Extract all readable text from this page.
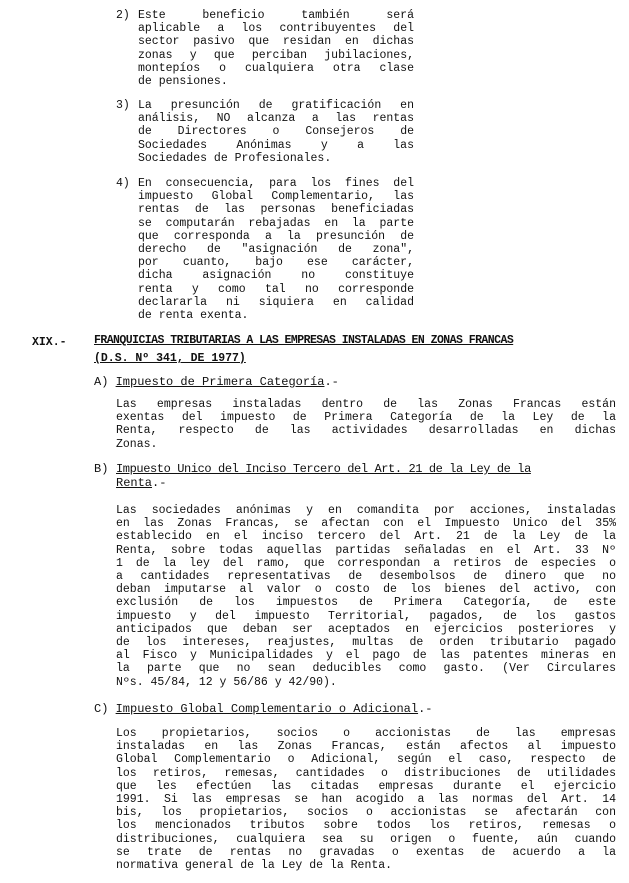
2) Este beneficio también será
aplicable a los contribuyentes del
sector pasivo que residan en dichas
zonas y que perciban jubilaciones,
montepíos o cualquiera otra clase
de pensiones.
3) La presunción de gratificación en
análisis, NO alcanza a las rentas
de Directores o Consejeros de
Sociedades Anónimas y a las
Sociedades de Profesionales.
4) En consecuencia, para los fines del
impuesto Global Complementario, las
rentas de las personas beneficiadas
se computarán rebajadas en la parte
que corresponda a la presunción de
derecho de "asignación de zona",
por cuanto, bajo ese carácter,
dicha asignación no constituye
renta y como tal no corresponde
declararla ni siquiera en calidad
de renta exenta.
XIX.- FRANQUICIAS TRIBUTARIAS A LAS EMPRESAS INSTALADAS EN ZONAS FRANCAS
(D.S. Nº 341, DE 1977)
A) Impuesto de Primera Categoría.-
Las empresas instaladas dentro de las Zonas Francas están
exentas del impuesto de Primera Categoría de la Ley de la
Renta, respecto de las actividades desarrolladas en dichas
Zonas.
B) Impuesto Unico del Inciso Tercero del Art. 21 de la Ley de la
Renta.-
Las sociedades anónimas y en comandita por acciones, instaladas
en las Zonas Francas, se afectan con el Impuesto Unico del 35%
establecido en el inciso tercero del Art. 21 de la Ley de la
Renta, sobre todas aquellas partidas señaladas en el Art. 33 Nº
1 de la ley del ramo, que correspondan a retiros de especies o
a cantidades representativas de desembolsos de dinero que no
deban imputarse al valor o costo de los bienes del activo, con
exclusión de los impuestos de Primera Categoría, de este
impuesto y del impuesto Territorial, pagados, de los gastos
anticipados que deban ser aceptados en ejercicios posteriores y
de los intereses, reajustes, multas de orden tributario pagado
al Fisco y Municipalidades y el pago de las patentes mineras en
la parte que no sean deducibles como gasto. (Ver Circulares
Nºs. 45/84, 12 y 56/86 y 42/90).
C) Impuesto Global Complementario o Adicional.-
Los propietarios, socios o accionistas de las empresas
instaladas en las Zonas Francas, están afectos al impuesto
Global Complementario o Adicional, según el caso, respecto de
los retiros, remesas, cantidades o distribuciones de utilidades
que les efectúen las citadas empresas durante el ejercicio
1991. Si las empresas se han acogido a las normas del Art. 14
bis, los propietarios, socios o accionistas se afectarán con
los mencionados tributos sobre todos los retiros, remesas o
distribuciones, cualquiera sea su origen o fuente, aún cuando
se trate de rentas no gravadas o exentas de acuerdo a la
normativa general de la Ley de la Renta.
